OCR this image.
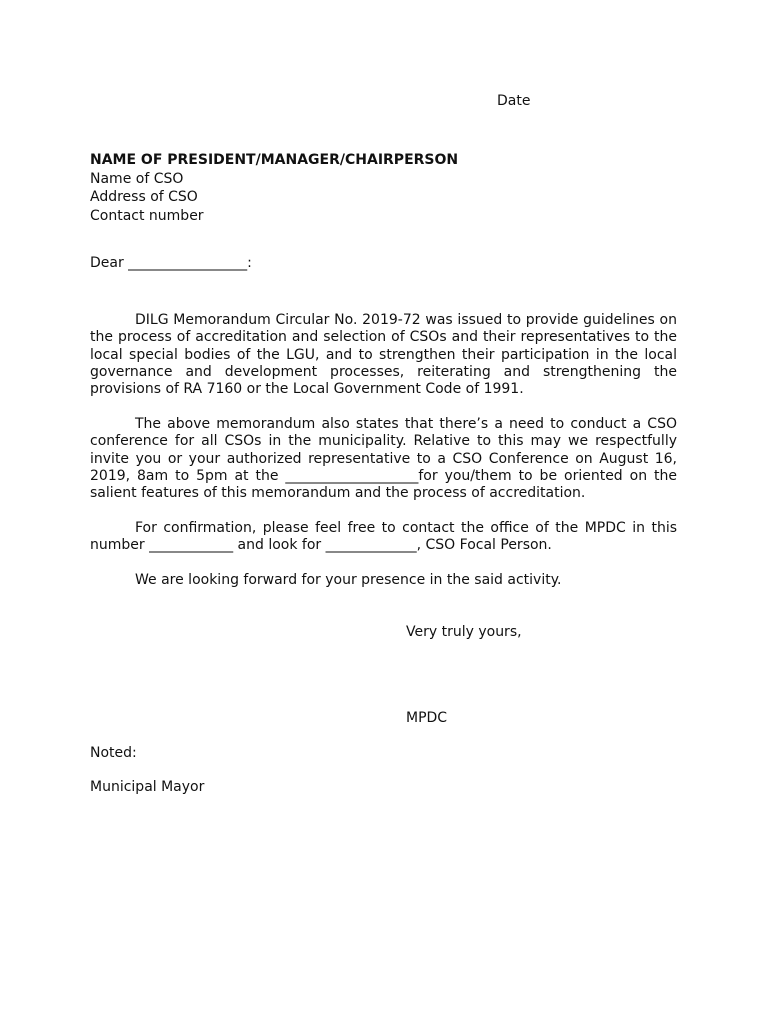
Date
NAME OF PRESIDENT/MANAGER/CHAIRPERSON
Name of CSO
Address of CSO
Contact number
Dear _________________:

DILG Memorandum Circular No. 2019-72 was issued to provide guidelines on the process of accreditation and selection of CSOs and their representatives to the local special bodies of the LGU, and to strengthen their participation in the local governance and development processes, reiterating and strengthening the provisions of RA 7160 or the Local Government Code of 1991.

The above memorandum also states that there’s a need to conduct a CSO conference for all CSOs in the municipality. Relative to this may we respectfully invite you or your authorized representative to a CSO Conference on August 16, 2019, 8am to 5pm at the ___________________for you/them to be oriented on the salient features of this memorandum and the process of accreditation.

For confirmation, please feel free to contact the office of the MPDC in this number ____________ and look for _____________, CSO Focal Person.

We are looking forward for your presence in the said activity.

Very truly yours,
MPDC
Noted:
Municipal Mayor
